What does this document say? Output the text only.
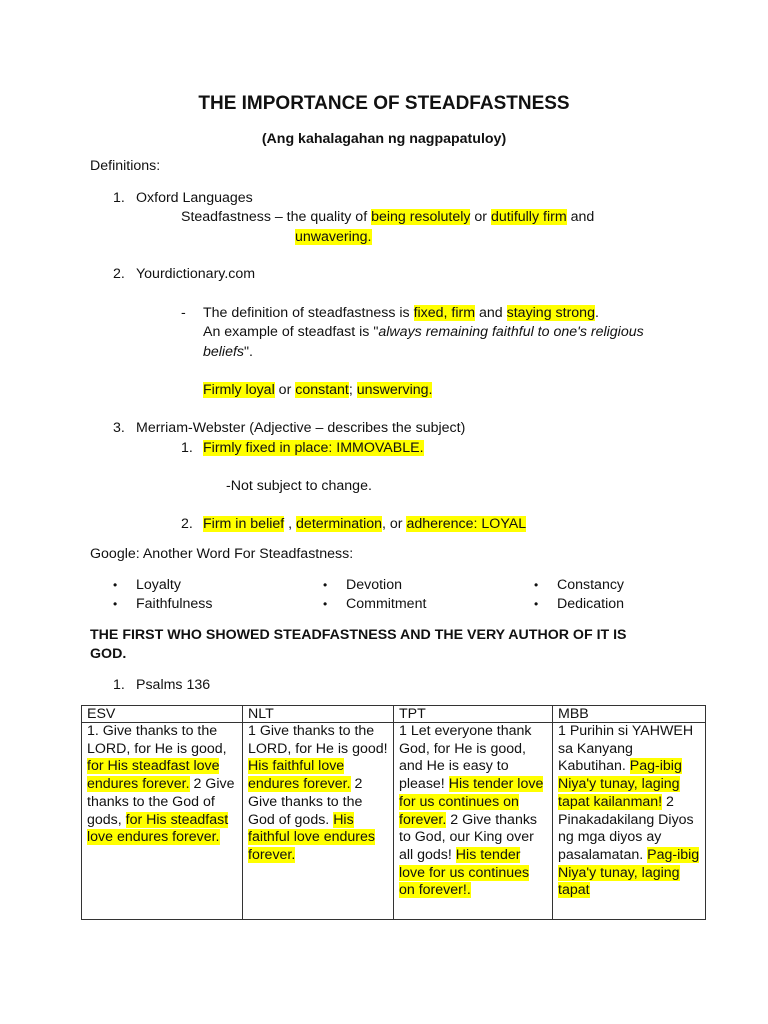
THE IMPORTANCE OF STEADFASTNESS
(Ang kahalagahan ng nagpapatuloy)
Definitions:
1. Oxford Languages
Steadfastness – the quality of being resolutely or dutifully firm and
unwavering.
2. Yourdictionary.com
- The definition of steadfastness is fixed, firm and staying strong.
An example of steadfast is "always remaining faithful to one's religious
beliefs".
Firmly loyal or constant; unswerving.
3. Merriam-Webster (Adjective – describes the subject)
1. Firmly fixed in place: IMMOVABLE.
-Not subject to change.
2. Firm in belief , determination, or adherence: LOYAL
Google: Another Word For Steadfastness:
• Loyalty
• Faithfulness
• Devotion
• Commitment
• Constancy
• Dedication
THE FIRST WHO SHOWED STEADFASTNESS AND THE VERY AUTHOR OF IT IS
GOD.
1. Psalms 136
ESV	NLT	TPT	MBB
1. Give thanks to the LORD, for He is good, for His steadfast love endures forever. 2 Give thanks to the God of gods, for His steadfast love endures forever.	1 Give thanks to the LORD, for He is good! His faithful love endures forever. 2 Give thanks to the God of gods. His faithful love endures forever.	1 Let everyone thank God, for He is good, and He is easy to please! His tender love for us continues on forever. 2 Give thanks to God, our King over all gods! His tender love for us continues on forever!.	1 Purihin si YAHWEH sa Kanyang Kabutihan. Pag-ibig Niya'y tunay, laging tapat kailanman! 2 Pinakadakilang Diyos ng mga diyos ay pasalamatan. Pag-ibig Niya'y tunay, laging tapat
